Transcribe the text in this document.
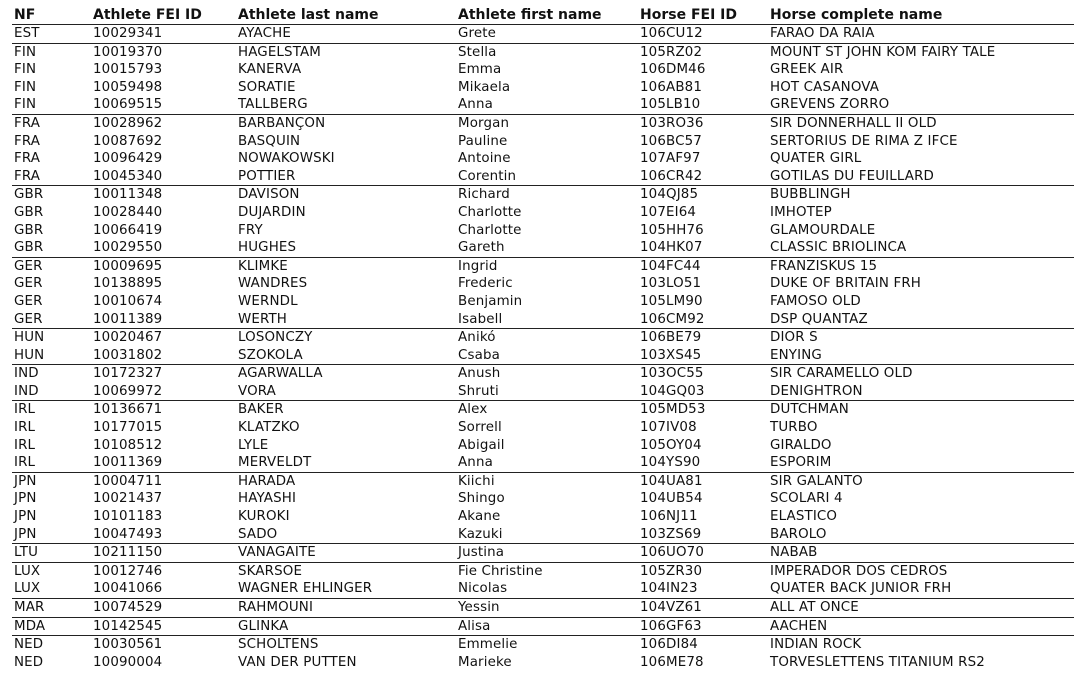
NF	Athlete FEI ID	Athlete last name	Athlete first name	Horse FEI ID	Horse complete name
EST	10029341	AYACHE	Grete	106CU12	FARAO DA RAIA
FIN	10019370	HAGELSTAM	Stella	105RZ02	MOUNT ST JOHN KOM FAIRY TALE
FIN	10015793	KANERVA	Emma	106DM46	GREEK AIR
FIN	10059498	SORATIE	Mikaela	106AB81	HOT CASANOVA
FIN	10069515	TALLBERG	Anna	105LB10	GREVENS ZORRO
FRA	10028962	BARBANÇON	Morgan	103RO36	SIR DONNERHALL II OLD
FRA	10087692	BASQUIN	Pauline	106BC57	SERTORIUS DE RIMA Z IFCE
FRA	10096429	NOWAKOWSKI	Antoine	107AF97	QUATER GIRL
FRA	10045340	POTTIER	Corentin	106CR42	GOTILAS DU FEUILLARD
GBR	10011348	DAVISON	Richard	104QJ85	BUBBLINGH
GBR	10028440	DUJARDIN	Charlotte	107EI64	IMHOTEP
GBR	10066419	FRY	Charlotte	105HH76	GLAMOURDALE
GBR	10029550	HUGHES	Gareth	104HK07	CLASSIC BRIOLINCA
GER	10009695	KLIMKE	Ingrid	104FC44	FRANZISKUS 15
GER	10138895	WANDRES	Frederic	103LO51	DUKE OF BRITAIN FRH
GER	10010674	WERNDL	Benjamin	105LM90	FAMOSO OLD
GER	10011389	WERTH	Isabell	106CM92	DSP QUANTAZ
HUN	10020467	LOSONCZY	Anikó	106BE79	DIOR S
HUN	10031802	SZOKOLA	Csaba	103XS45	ENYING
IND	10172327	AGARWALLA	Anush	103OC55	SIR CARAMELLO OLD
IND	10069972	VORA	Shruti	104GQ03	DENIGHTRON
IRL	10136671	BAKER	Alex	105MD53	DUTCHMAN
IRL	10177015	KLATZKO	Sorrell	107IV08	TURBO
IRL	10108512	LYLE	Abigail	105OY04	GIRALDO
IRL	10011369	MERVELDT	Anna	104YS90	ESPORIM
JPN	10004711	HARADA	Kiichi	104UA81	SIR GALANTO
JPN	10021437	HAYASHI	Shingo	104UB54	SCOLARI 4
JPN	10101183	KUROKI	Akane	106NJ11	ELASTICO
JPN	10047493	SADO	Kazuki	103ZS69	BAROLO
LTU	10211150	VANAGAITE	Justina	106UO70	NABAB
LUX	10012746	SKARSOE	Fie Christine	105ZR30	IMPERADOR DOS CEDROS
LUX	10041066	WAGNER EHLINGER	Nicolas	104IN23	QUATER BACK JUNIOR FRH
MAR	10074529	RAHMOUNI	Yessin	104VZ61	ALL AT ONCE
MDA	10142545	GLINKA	Alisa	106GF63	AACHEN
NED	10030561	SCHOLTENS	Emmelie	106DI84	INDIAN ROCK
NED	10090004	VAN DER PUTTEN	Marieke	106ME78	TORVESLETTENS TITANIUM RS2
